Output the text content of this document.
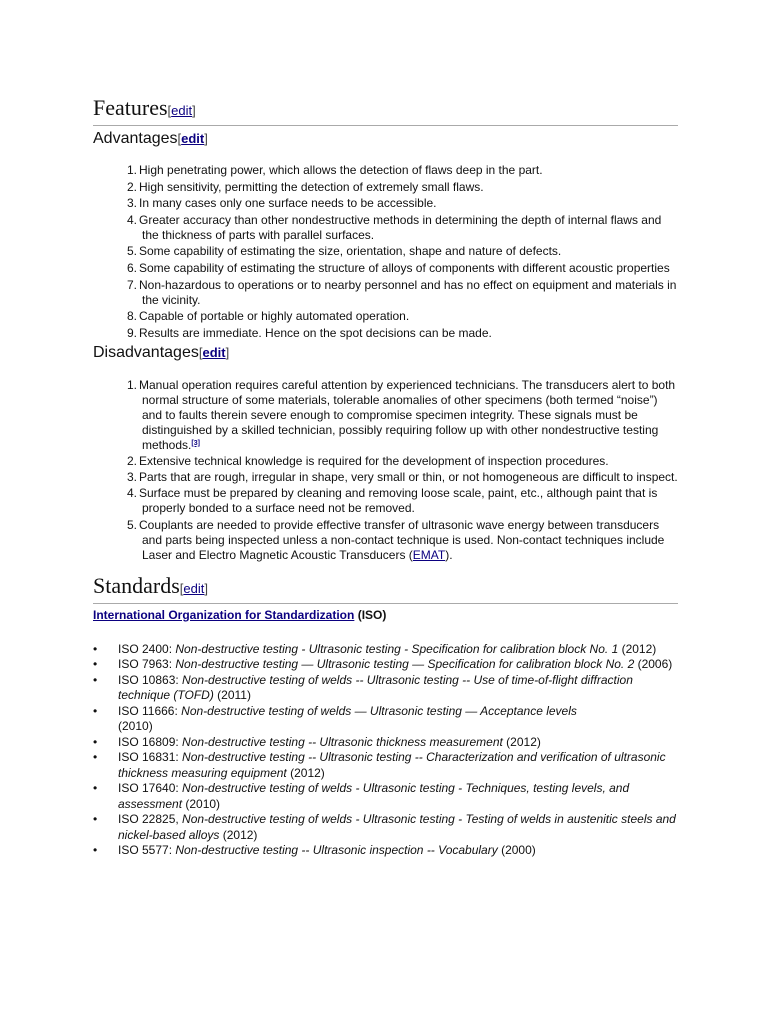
Features[edit]
Advantages[edit]
1 . High penetrating power, which allows the detection of flaws deep in the part.
2 . High sensitivity, permitting the detection of extremely small flaws.
3 . In many cases only one surface needs to be accessible.
4 . Greater accuracy than other nondestructive methods in determining the depth of internal flaws and the thickness of parts with parallel surfaces.
5 . Some capability of estimating the size, orientation, shape and nature of defects.
6 . Some capability of estimating the structure of alloys of components with different acoustic properties
7 . Non-hazardous to operations or to nearby personnel and has no effect on equipment and materials in the vicinity.
8 . Capable of portable or highly automated operation.
9 . Results are immediate. Hence on the spot decisions can be made.
Disadvantages[edit]
1 . Manual operation requires careful attention by experienced technicians. The transducers alert to both normal structure of some materials, tolerable anomalies of other specimens (both termed “noise”) and to faults therein severe enough to compromise specimen integrity. These signals must be distinguished by a skilled technician, possibly requiring follow up with other nondestructive testing methods.[3]
2 . Extensive technical knowledge is required for the development of inspection procedures.
3 . Parts that are rough, irregular in shape, very small or thin, or not homogeneous are difficult to inspect.
4 . Surface must be prepared by cleaning and removing loose scale, paint, etc., although paint that is properly bonded to a surface need not be removed.
5 . Couplants are needed to provide effective transfer of ultrasonic wave energy between transducers and parts being inspected unless a non-contact technique is used. Non-contact techniques include Laser and Electro Magnetic Acoustic Transducers (EMAT).
Standards[edit]
International Organization for Standardization (ISO)
• ISO 2400: Non-destructive testing - Ultrasonic testing - Specification for calibration block No. 1 (2012)
• ISO 7963: Non-destructive testing — Ultrasonic testing — Specification for calibration block No. 2 (2006)
• ISO 10863: Non-destructive testing of welds -- Ultrasonic testing -- Use of time-of-flight diffraction technique (TOFD) (2011)
• ISO 11666: Non-destructive testing of welds — Ultrasonic testing — Acceptance levels (2010)
• ISO 16809: Non-destructive testing -- Ultrasonic thickness measurement (2012)
• ISO 16831: Non-destructive testing -- Ultrasonic testing -- Characterization and verification of ultrasonic thickness measuring equipment (2012)
• ISO 17640: Non-destructive testing of welds - Ultrasonic testing - Techniques, testing levels, and assessment (2010)
• ISO 22825, Non-destructive testing of welds - Ultrasonic testing - Testing of welds in austenitic steels and nickel-based alloys (2012)
• ISO 5577: Non-destructive testing -- Ultrasonic inspection -- Vocabulary (2000)
